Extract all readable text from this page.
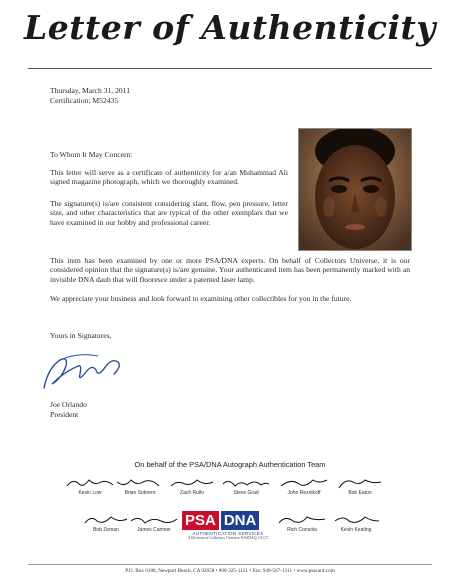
Letter of Authenticity
Thursday, March 31, 2011
Certification: M52435
To Whom It May Concern:
This letter will serve as a certificate of authenticity for a/an Muhammad Ali signed magazine photograph, which we thoroughly examined.
The signature(s) is/are consistent considering slant, flow, pen pressure, letter size, and other characteristics that are typical of the other exemplars that we have examined in our hobby and professional career.
This item has been examined by one or more PSA/DNA experts. On behalf of Collectors Universe, it is our considered opinion that the signature(s) is/are genuine. Your authenticated item has been permanently marked with an invisible DNA daub that will fluoresce under a patented laser lamp.
We appreciate your business and look forward to examining other collectibles for you in the future.
Yours in Signatures,
Joe Orlando
President
On behalf of the PSA/DNA Autograph Authentication Team
Kevin Low	Brian Sobrero	Zach Rullo	Steve Grad	John Reznikoff	Bob Eaton
Bob Zeman	James Camner
PSA DNA
AUTHENTICATION SERVICES
A Division of Collectors Universe NASDAQ: CLCT
Rich Consola	Kevin Keating
P.O. Box 6180, Newport Beach, CA 92658 • 800-325-1121 • Fax: 949-567-1311 • www.psacard.com
